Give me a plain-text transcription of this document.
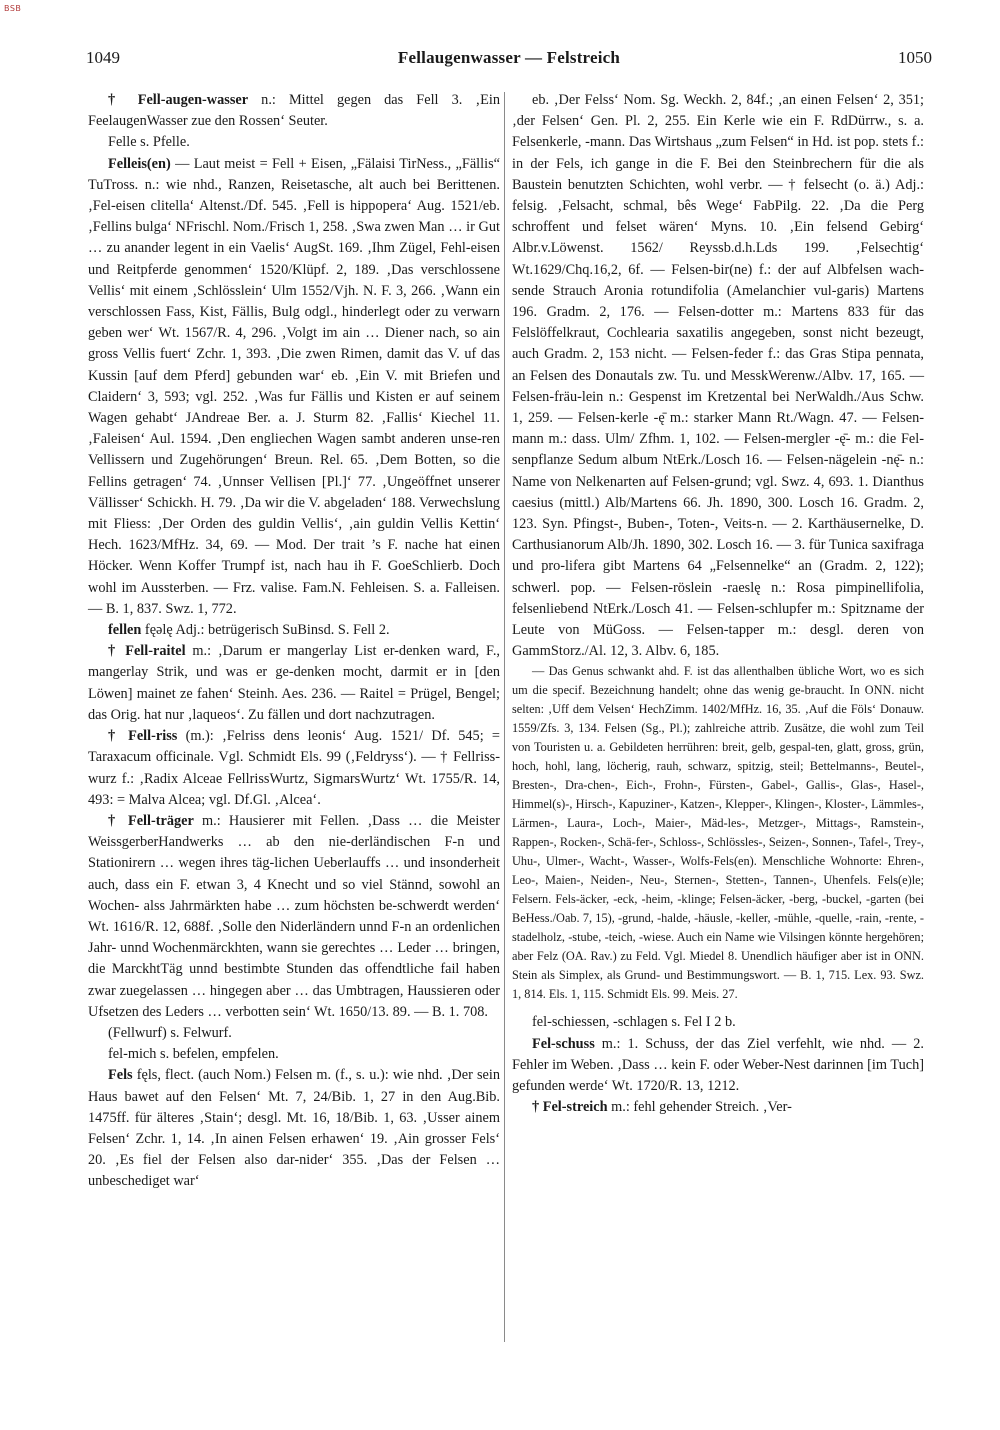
BSB
1049	Fellaugenwasser — Felstreich	1050

† Fell-augen-wasser n.: Mittel gegen das Fell 3. ‚Ein FeelaugenWasser zue den Rossen‘ Seuter.

Felle s. Pfelle.

Felleis(en) — Laut meist = Fell + Eisen, „Fälaisi TirNess., „Fällis“ TuTross. n.: wie nhd., Ranzen, Reisetasche, alt auch bei Berittenen. ‚Fel-eisen clitella‘ Altenst./Df. 545. ‚Fell is hippopera‘ Aug. 1521/eb. ‚Fellins bulga‘ NFrischl. Nom./Frisch 1, 258. ‚Swa zwen Man … ir Gut … zu anander legent in ein Vaelis‘ AugSt. 169. ‚Ihm Zügel, Fehl-eisen und Reitpferde genommen‘ 1520/Klüpf. 2, 189. ‚Das verschlossene Vellis‘ mit einem ‚Schlösslein‘ Ulm 1552/Vjh. N. F. 3, 266. ‚Wann ein verschlossen Fass, Kist, Fällis, Bulg odgl., hinderlegt oder zu verwarn geben wer‘ Wt. 1567/R. 4, 296. ‚Volgt im ain … Diener nach, so ain gross Vellis fuert‘ Zchr. 1, 393. ‚Die zwen Rimen, damit das V. uf das Kussin [auf dem Pferd] gebunden war‘ eb. ‚Ein V. mit Briefen und Claidern‘ 3, 593; vgl. 252. ‚Was fur Fällis und Kisten er auf seinem Wagen gehabt‘ JAndreae Ber. a. J. Sturm 82. ‚Fallis‘ Kiechel 11. ‚Faleisen‘ Aul. 1594. ‚Den engliechen Wagen sambt anderen unse-ren Vellissern und Zugehörungen‘ Breun. Rel. 65. ‚Dem Botten, so die Fellins getragen‘ 74. ‚Unnser Vellisen [Pl.]‘ 77. ‚Ungeöffnet unserer Vällisser‘ Schickh. H. 79. ‚Da wir die V. abgeladen‘ 188. Verwechslung mit Fliess: ‚Der Orden des guldin Vellis‘, ‚ain guldin Vellis Kettin‘ Hech. 1623/MfHz. 34, 69. — Mod. Der trait ’s F. nache hat einen Höcker. Wenn Koffer Trumpf ist, nach hau ih F. GoeSchlierb. Doch wohl im Aussterben. — Frz. valise. Fam.N. Fehleisen. S. a. Falleisen. — B. 1, 837. Swz. 1, 772.

fellen fęəlę Adj.: betrügerisch SuBinsd. S. Fell 2.

† Fell-raitel m.: ‚Darum er mangerlay List er-denken ward, F., mangerlay Strik, und was er ge-denken mocht, darmit er in [den Löwen] mainet ze fahen‘ Steinh. Aes. 236. — Raitel = Prügel, Bengel; das Orig. hat nur ‚laqueos‘. Zu fällen und dort nachzutragen.

† Fell-riss (m.): ‚Felriss dens leonis‘ Aug. 1521/ Df. 545; = Taraxacum officinale. Vgl. Schmidt Els. 99 (‚Feldryss‘). — † Fellriss-wurz f.: ‚Radix Alceae FellrissWurtz, SigmarsWurtz‘ Wt. 1755/R. 14, 493: = Malva Alcea; vgl. Df.Gl. ‚Alcea‘.

† Fell-träger m.: Hausierer mit Fellen. ‚Dass … die Meister WeissgerberHandwerks … ab den nie-derländischen F-n und Stationirern … wegen ihres täg-lichen Ueberlauffs … und insonderheit auch, dass ein F. etwan 3, 4 Knecht und so viel Stännd, sowohl an Wochen- alss Jahrmärkten habe … zum höchsten be-schwerdt werden‘ Wt. 1616/R. 12, 688f. ‚Solle den Niderländern unnd F-n an ordenlichen Jahr- unnd Wochenmärckhten, wann sie gerechtes … Leder … bringen, die MarckhtTäg unnd bestimbte Stunden das offendtliche fail haben zwar zuegelassen … hingegen aber … das Umbtragen, Haussieren oder Ufsetzen des Leders … verbotten sein‘ Wt. 1650/13. 89. — B. 1. 708.

(Fellwurf) s. Felwurf.

fel-mich s. befelen, empfelen.

Fels fęls, flect. (auch Nom.) Felsen m. (f., s. u.): wie nhd. ‚Der sein Haus bawet auf den Felsen‘ Mt. 7, 24/Bib. 1, 27 in den Aug.Bib. 1475ff. für älteres ‚Stain‘; desgl. Mt. 16, 18/Bib. 1, 63. ‚Usser ainem Felsen‘ Zchr. 1, 14. ‚In ainen Felsen erhawen‘ 19. ‚Ain grosser Fels‘ 20. ‚Es fiel der Felsen also dar-nider‘ 355. ‚Das der Felsen … unbeschediget war‘

eb. ‚Der Felss‘ Nom. Sg. Weckh. 2, 84f.; ‚an einen Felsen‘ 2, 351; ‚der Felsen‘ Gen. Pl. 2, 255. Ein Kerle wie ein F. RdDürrw., s. a. Felsenkerle, -mann. Das Wirtshaus „zum Felsen“ in Hd. ist pop. stets f.: in der Fels, ich gange in die F. Bei den Steinbrechern für die als Baustein benutzten Schichten, wohl verbr. — † felsecht (o. ä.) Adj.: felsig. ‚Felsacht, schmal, bês Wege‘ FabPilg. 22. ‚Da die Perg schroffent und felset wären‘ Myns. 10. ‚Ein felsend Gebirg‘ Albr.v.Löwenst. 1562/ Reyssb.d.h.Lds 199. ‚Felsechtig‘ Wt.1629/Chq.16,2, 6f. — Felsen-bir(ne) f.: der auf Albfelsen wach-sende Strauch Aronia rotundifolia (Amelanchier vul-garis) Martens 196. Gradm. 2, 176. — Felsen-dotter m.: Martens 833 für das Felslöffelkraut, Cochlearia saxatilis angegeben, sonst nicht bezeugt, auch Gradm. 2, 153 nicht. — Felsen-feder f.: das Gras Stipa pennata, an Felsen des Donautals zw. Tu. und MesskWerenw./Albv. 17, 165. — Felsen-fräu-lein n.: Gespenst im Kretzental bei NerWaldh./Aus Schw. 1, 259. — Felsen-kerle -ę̄ m.: starker Mann Rt./Wagn. 47. — Felsen-mann m.: dass. Ulm/ Zfhm. 1, 102. — Felsen-mergler -ę̄- m.: die Fel-senpflanze Sedum album NtErk./Losch 16. — Felsen-nägelein -nę̄- n.: Name von Nelkenarten auf Felsen-grund; vgl. Swz. 4, 693. 1. Dianthus caesius (mittl.) Alb/Martens 66. Jh. 1890, 300. Losch 16. Gradm. 2, 123. Syn. Pfingst-, Buben-, Toten-, Veits-n. — 2. Karthäusernelke, D. Carthusianorum Alb/Jh. 1890, 302. Losch 16. — 3. für Tunica saxifraga und pro-lifera gibt Martens 64 „Felsennelke“ an (Gradm. 2, 122); schwerl. pop. — Felsen-röslein -raeslę n.: Rosa pimpinellifolia, felsenliebend NtErk./Losch 41. — Felsen-schlupfer m.: Spitzname der Leute von MüGoss. — Felsen-tapper m.: desgl. deren von GammStorz./Al. 12, 3. Albv. 6, 185.

— Das Genus schwankt ahd. F. ist das allenthalben übliche Wort, wo es sich um die specif. Bezeichnung handelt; ohne das wenig ge-braucht. In ONN. nicht selten: ‚Uff dem Velsen‘ HechZimm. 1402/MfHz. 16, 35. ‚Auf die Föls‘ Donauw. 1559/Zfs. 3, 134. Felsen (Sg., Pl.); zahlreiche attrib. Zusätze, die wohl zum Teil von Touristen u. a. Gebildeten herrühren: breit, gelb, gespal-ten, glatt, gross, grün, hoch, hohl, lang, löcherig, rauh, schwarz, spitzig, steil; Bettelmanns-, Beutel-, Bresten-, Dra-chen-, Eich-, Frohn-, Fürsten-, Gabel-, Gallis-, Glas-, Hasel-, Himmel(s)-, Hirsch-, Kapuziner-, Katzen-, Klepper-, Klingen-, Kloster-, Lämmles-, Lärmen-, Laura-, Loch-, Maier-, Mäd-les-, Metzger-, Mittags-, Ramstein-, Rappen-, Rocken-, Schä-fer-, Schloss-, Schlössles-, Seizen-, Sonnen-, Tafel-, Trey-, Uhu-, Ulmer-, Wacht-, Wasser-, Wolfs-Fels(en). Menschliche Wohnorte: Ehren-, Leo-, Maien-, Neiden-, Neu-, Sternen-, Stetten-, Tannen-, Uhenfels. Fels(e)le; Felsern. Fels-äcker, -eck, -heim, -klinge; Felsen-äcker, -berg, -buckel, -garten (bei BeHess./Oab. 7, 15), -grund, -halde, -häusle, -keller, -mühle, -quelle, -rain, -rente, -stadelholz, -stube, -teich, -wiese. Auch ein Name wie Vilsingen könnte hergehören; aber Felz (OA. Rav.) zu Feld. Vgl. Miedel 8. Unendlich häufiger aber ist in ONN. Stein als Simplex, als Grund- und Bestimmungswort. — B. 1, 715. Lex. 93. Swz. 1, 814. Els. 1, 115. Schmidt Els. 99. Meis. 27.

fel-schiessen, -schlagen s. Fel I 2 b.

Fel-schuss m.: 1. Schuss, der das Ziel verfehlt, wie nhd. — 2. Fehler im Weben. ‚Dass … kein F. oder Weber-Nest darinnen [im Tuch] gefunden werde‘ Wt. 1720/R. 13, 1212.

† Fel-streich m.: fehl gehender Streich. ‚Ver-
